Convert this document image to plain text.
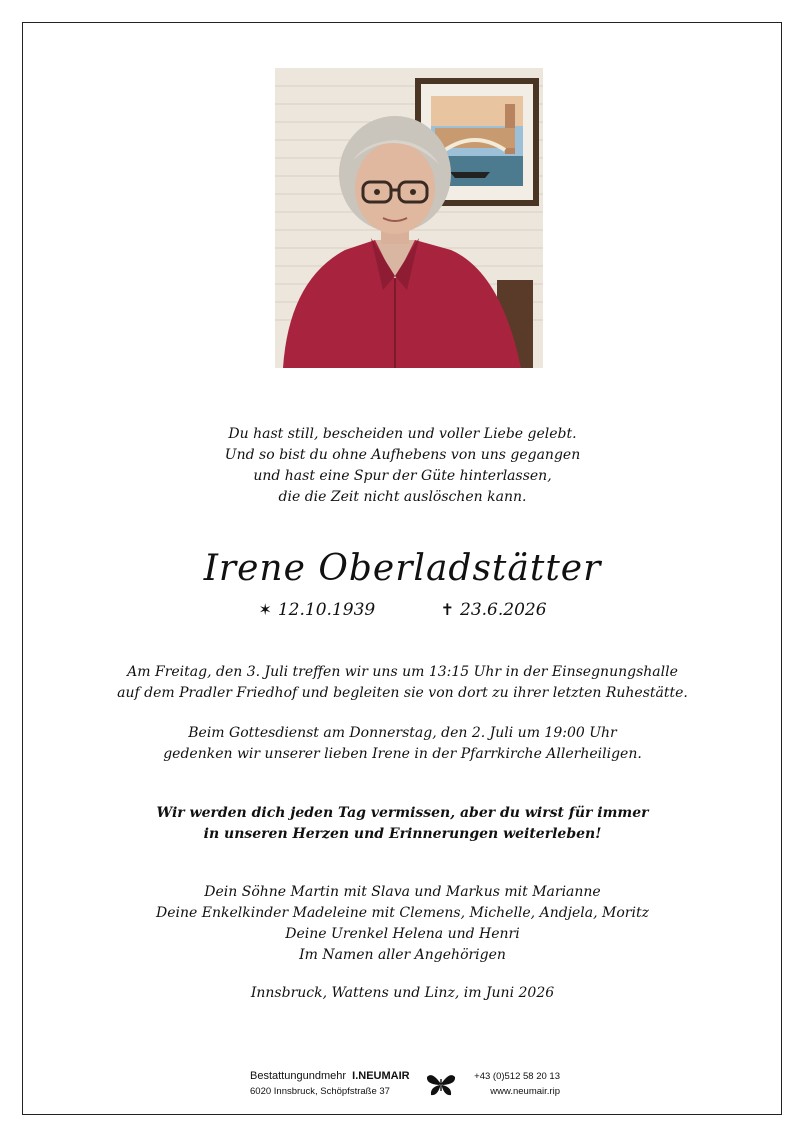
Du hast still, bescheiden und voller Liebe gelebt.
Und so bist du ohne Aufhebens von uns gegangen
und hast eine Spur der Güte hinterlassen,
die die Zeit nicht auslöschen kann.
Irene Oberladstätter
✶ 12.10.1939	✝ 23.6.2026
Am Freitag, den 3. Juli treffen wir uns um 13:15 Uhr in der Einsegnungshalle
auf dem Pradler Friedhof und begleiten sie von dort zu ihrer letzten Ruhestätte.
Beim Gottesdienst am Donnerstag, den 2. Juli um 19:00 Uhr
gedenken wir unserer lieben Irene in der Pfarrkirche Allerheiligen.
Wir werden dich jeden Tag vermissen, aber du wirst für immer
in unseren Herzen und Erinnerungen weiterleben!
Dein Söhne Martin mit Slava und Markus mit Marianne
Deine Enkelkinder Madeleine mit Clemens, Michelle, Andjela, Moritz
Deine Urenkel Helena und Henri
Im Namen aller Angehörigen
Innsbruck, Wattens und Linz, im Juni 2026
Bestattungundmehr I.NEUMAIR
6020 Innsbruck, Schöpfstraße 37
+43 (0)512 58 20 13
www.neumair.rip
